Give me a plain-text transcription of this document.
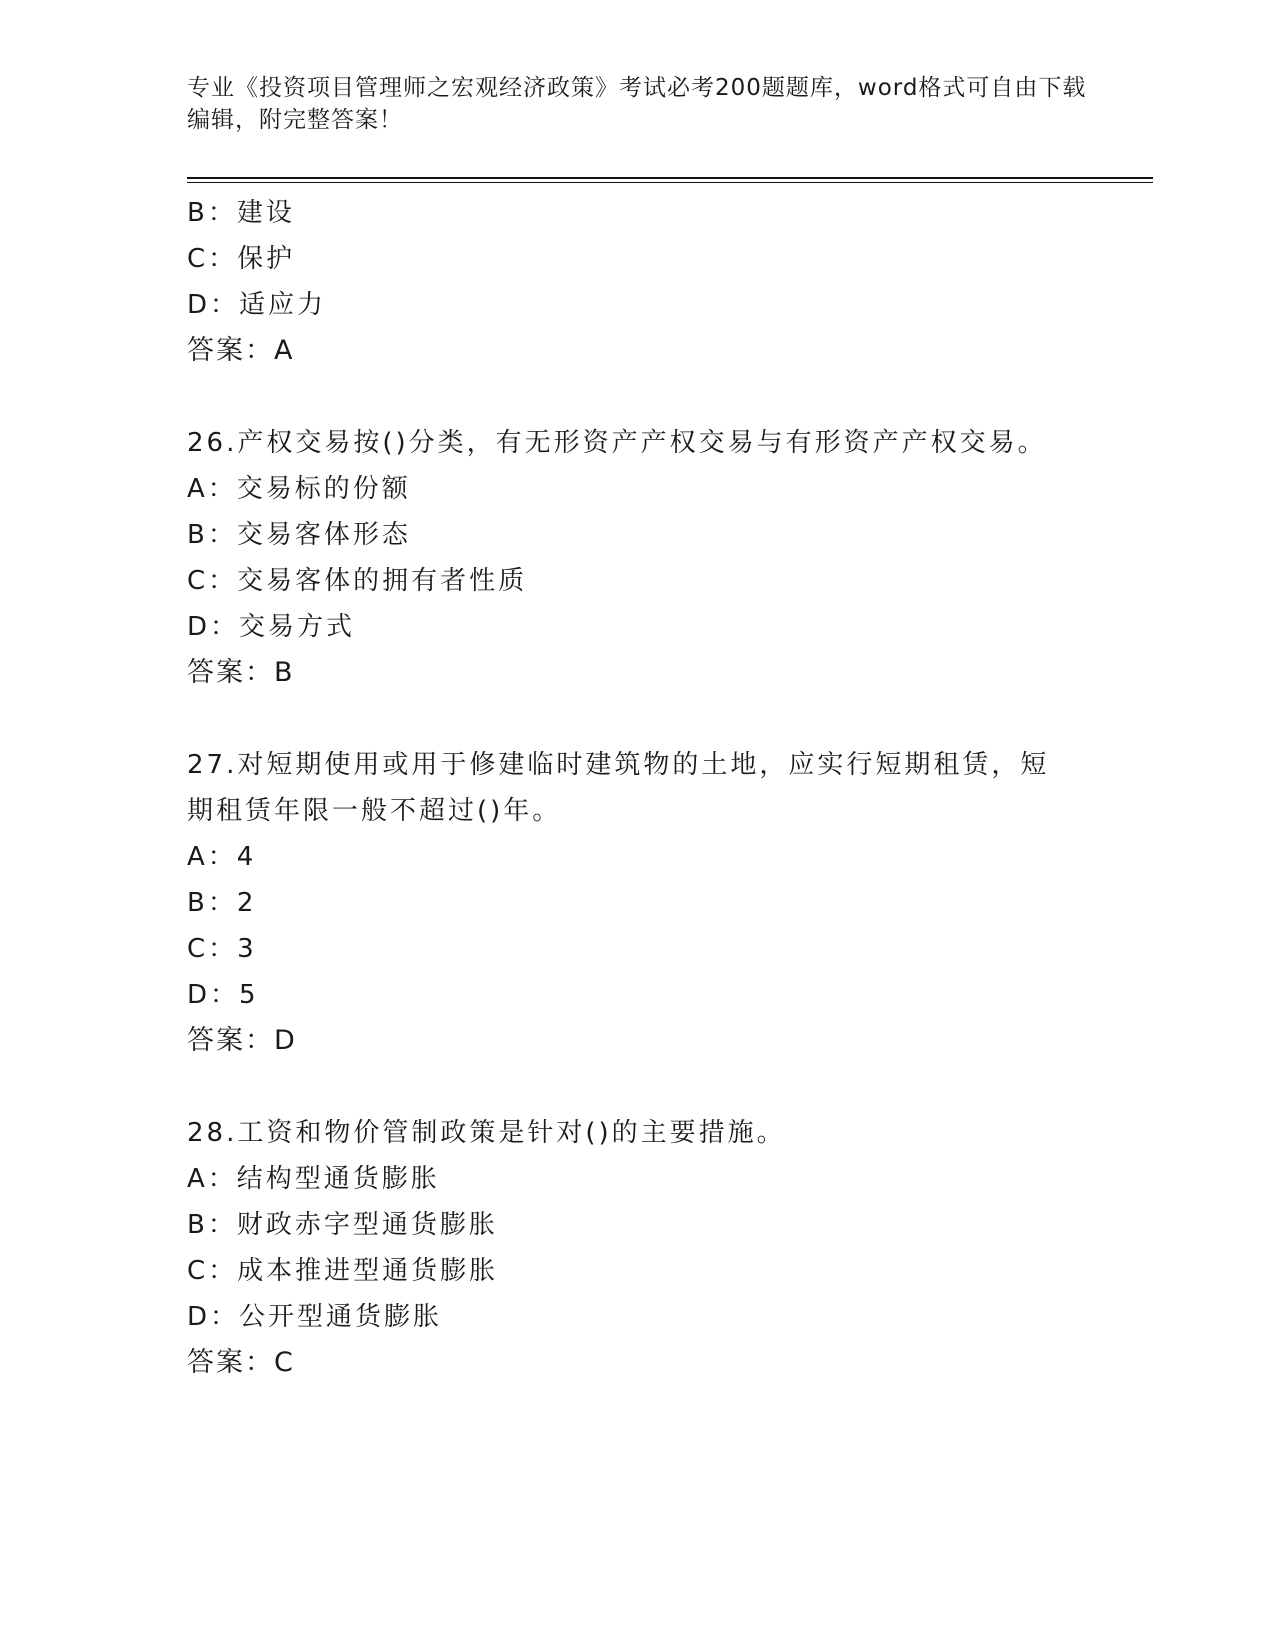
专业《投资项目管理师之宏观经济政策》考试必考200题题库，word格式可自由下载编辑，附完整答案！
B：建设
C：保护
D：适应力
答案：A
26.产权交易按()分类，有无形资产产权交易与有形资产产权交易。
A：交易标的份额
B：交易客体形态
C：交易客体的拥有者性质
D：交易方式
答案：B
27.对短期使用或用于修建临时建筑物的土地，应实行短期租赁，短期租赁年限一般不超过()年。
A：4
B：2
C：3
D：5
答案：D
28.工资和物价管制政策是针对()的主要措施。
A：结构型通货膨胀
B：财政赤字型通货膨胀
C：成本推进型通货膨胀
D：公开型通货膨胀
答案：C
